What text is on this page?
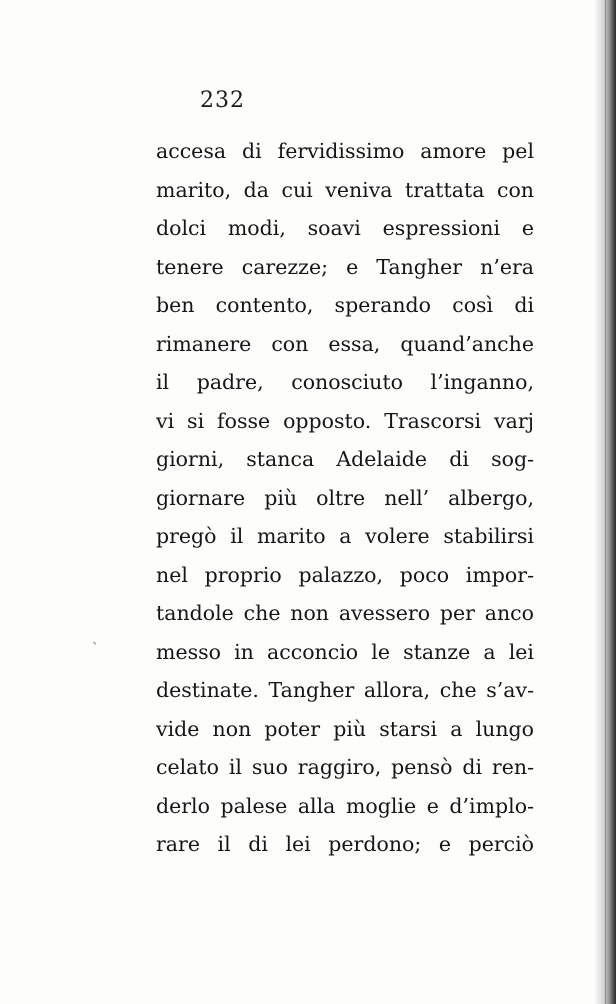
232
accesa di fervidissimo amore pel
marito, da cui veniva trattata con
dolci modi, soavi espressioni e
tenere carezze; e Tangher n’era
ben contento, sperando così di
rimanere con essa, quand’anche
il padre, conosciuto l’inganno,
vi si fosse opposto. Trascorsi varj
giorni, stanca Adelaide di sog-
giornare più oltre nell’ albergo,
pregò il marito a volere stabilirsi
nel proprio palazzo, poco impor-
tandole che non avessero per anco
messo in acconcio le stanze a lei
destinate. Tangher allora, che s’av-
vide non poter più starsi a lungo
celato il suo raggiro, pensò di ren-
derlo palese alla moglie e d’implo-
rare il di lei perdono; e perciò
ˌ
